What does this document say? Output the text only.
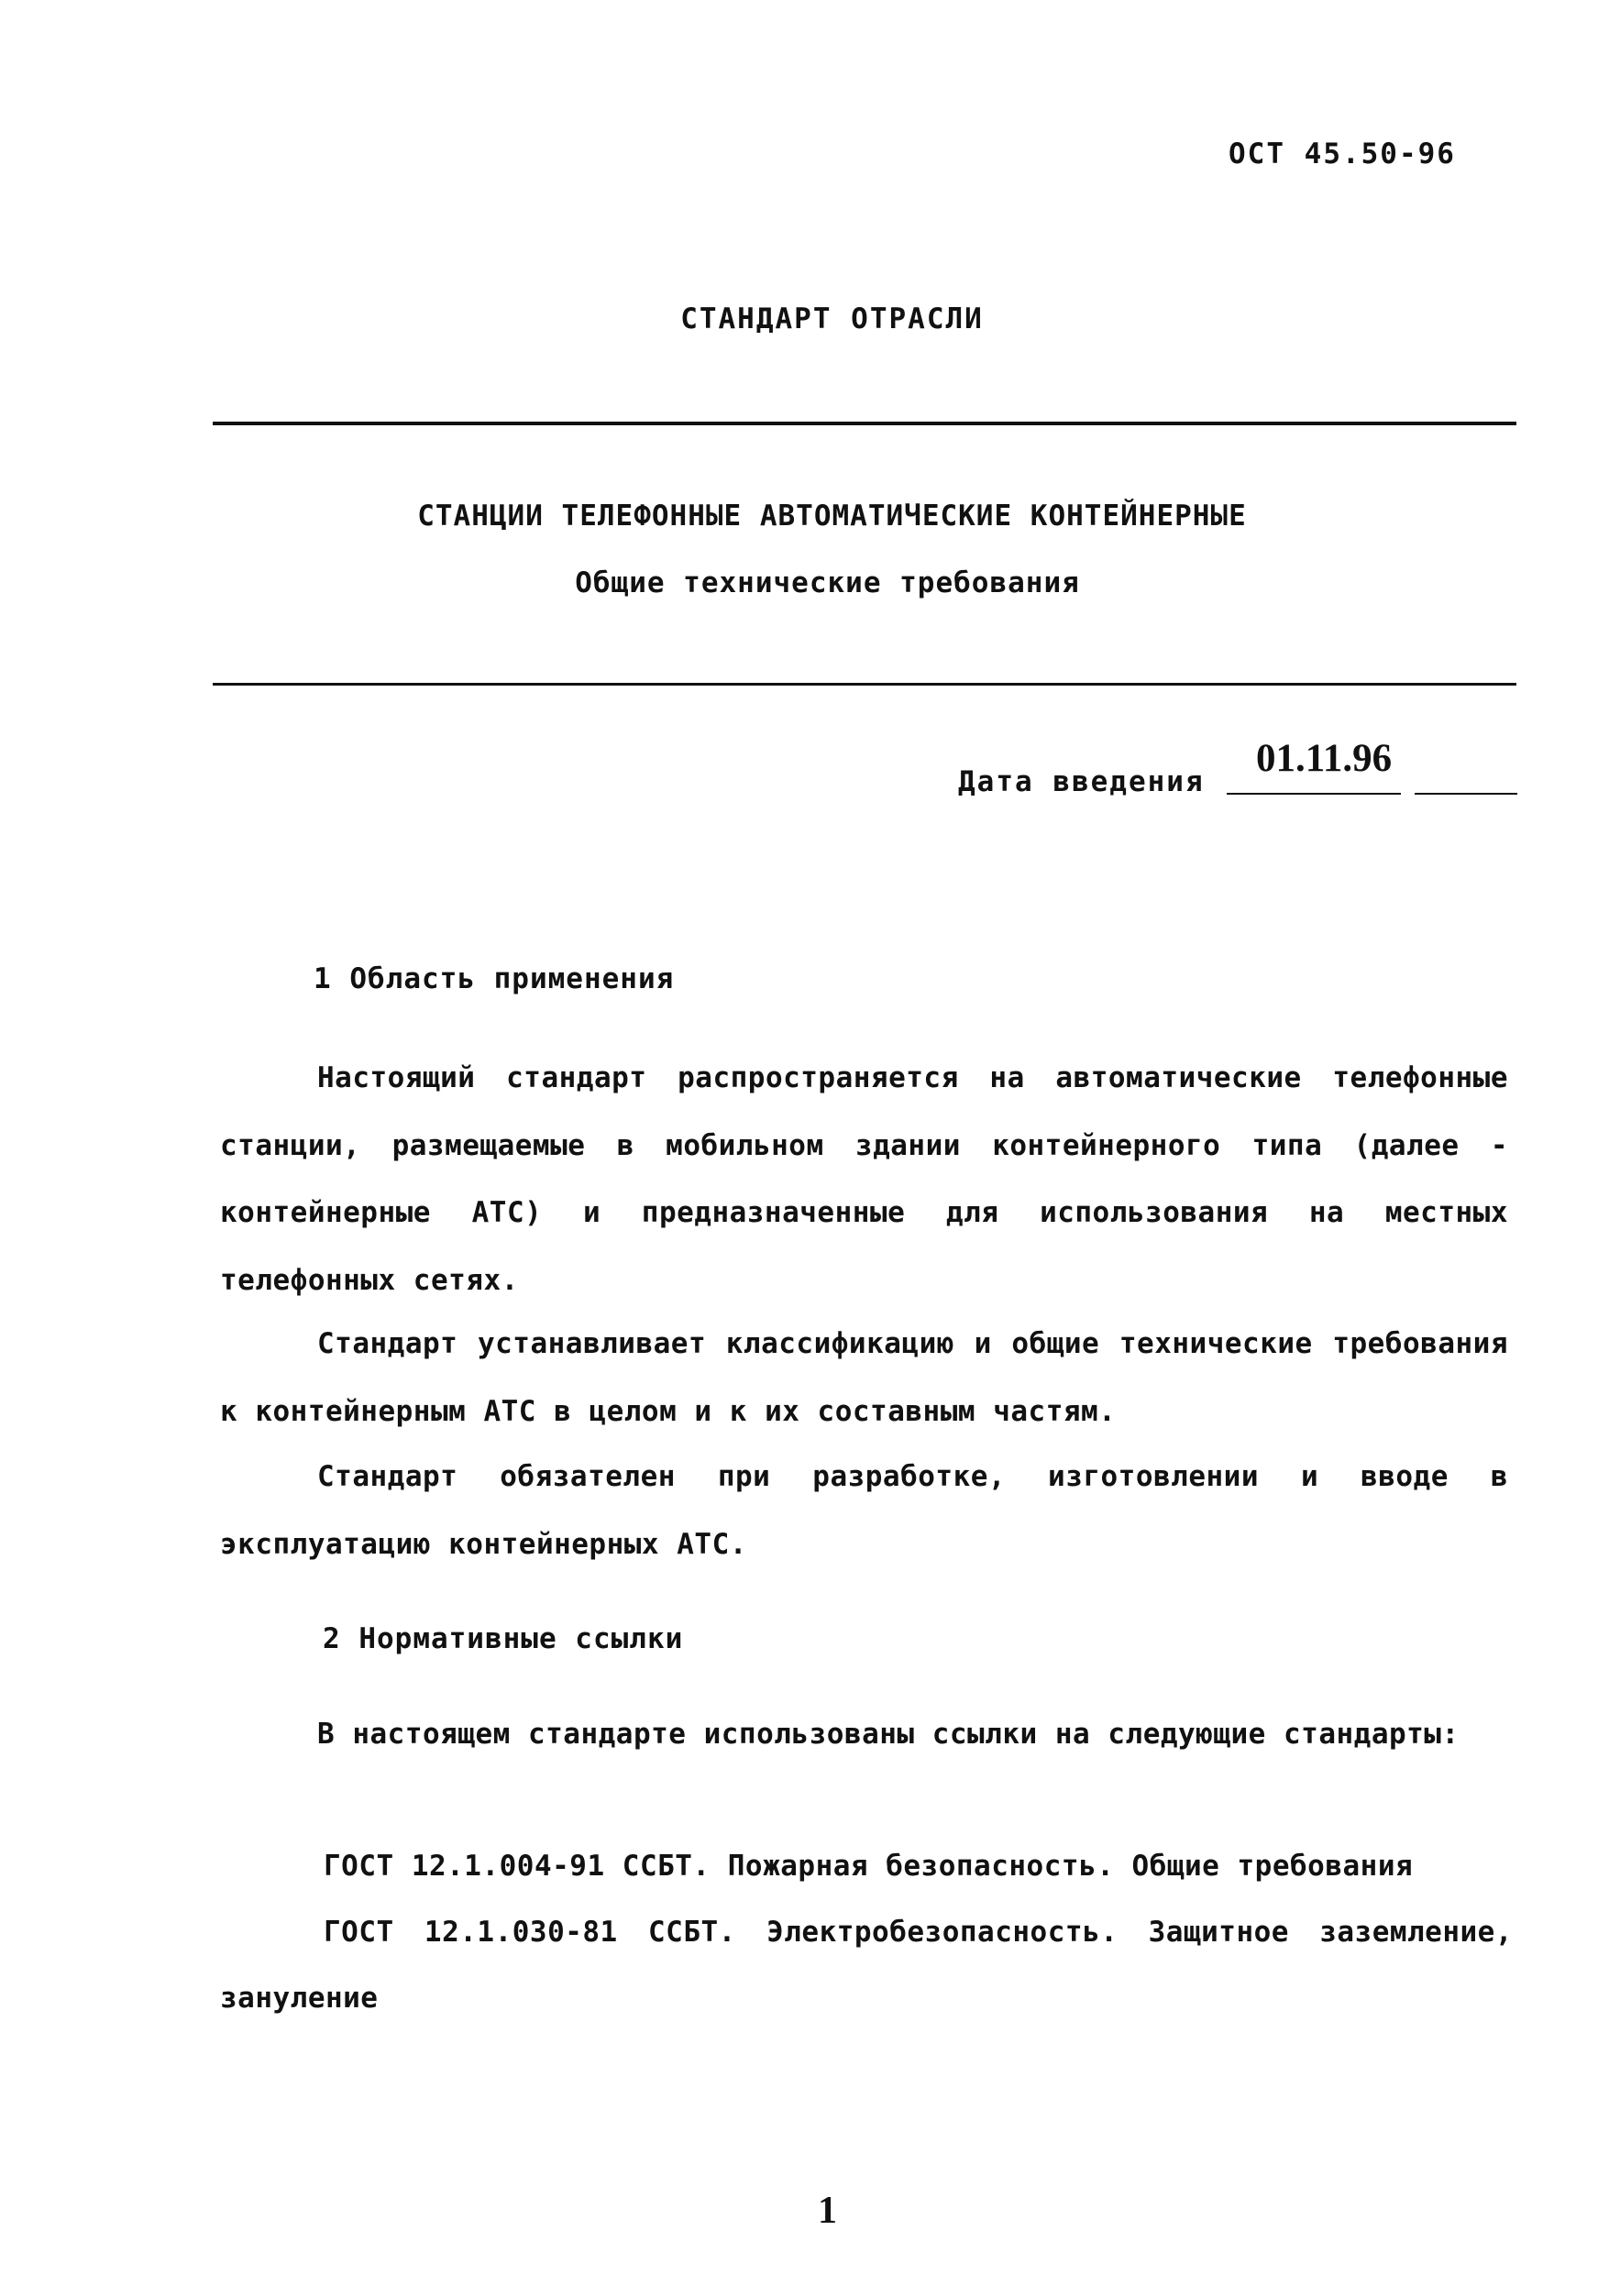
ОСТ 45.50-96
СТАНДАРТ ОТРАСЛИ
СТАНЦИИ ТЕЛЕФОННЫЕ АВТОМАТИЧЕСКИЕ КОНТЕЙНЕРНЫЕ
Общие технические требования
Дата введения
01.11.96
1 Область применения
Настоящий стандарт распространяется на автоматические телефонные станции, размещаемые в мобильном здании контейнерного типа (далее - контейнерные АТС) и предназначенные для использования на местных телефонных сетях.
Стандарт устанавливает классификацию и общие технические требования к контейнерным АТС в целом и к их составным частям.
Стандарт обязателен при разработке, изготовлении и вводе в эксплуатацию контейнерных АТС.
2 Нормативные ссылки
В настоящем стандарте использованы ссылки на следующие стандарты:
ГОСТ 12.1.004-91 ССБТ. Пожарная безопасность. Общие требования
ГОСТ 12.1.030-81 ССБТ. Электробезопасность. Защитное заземление, зануление
1
